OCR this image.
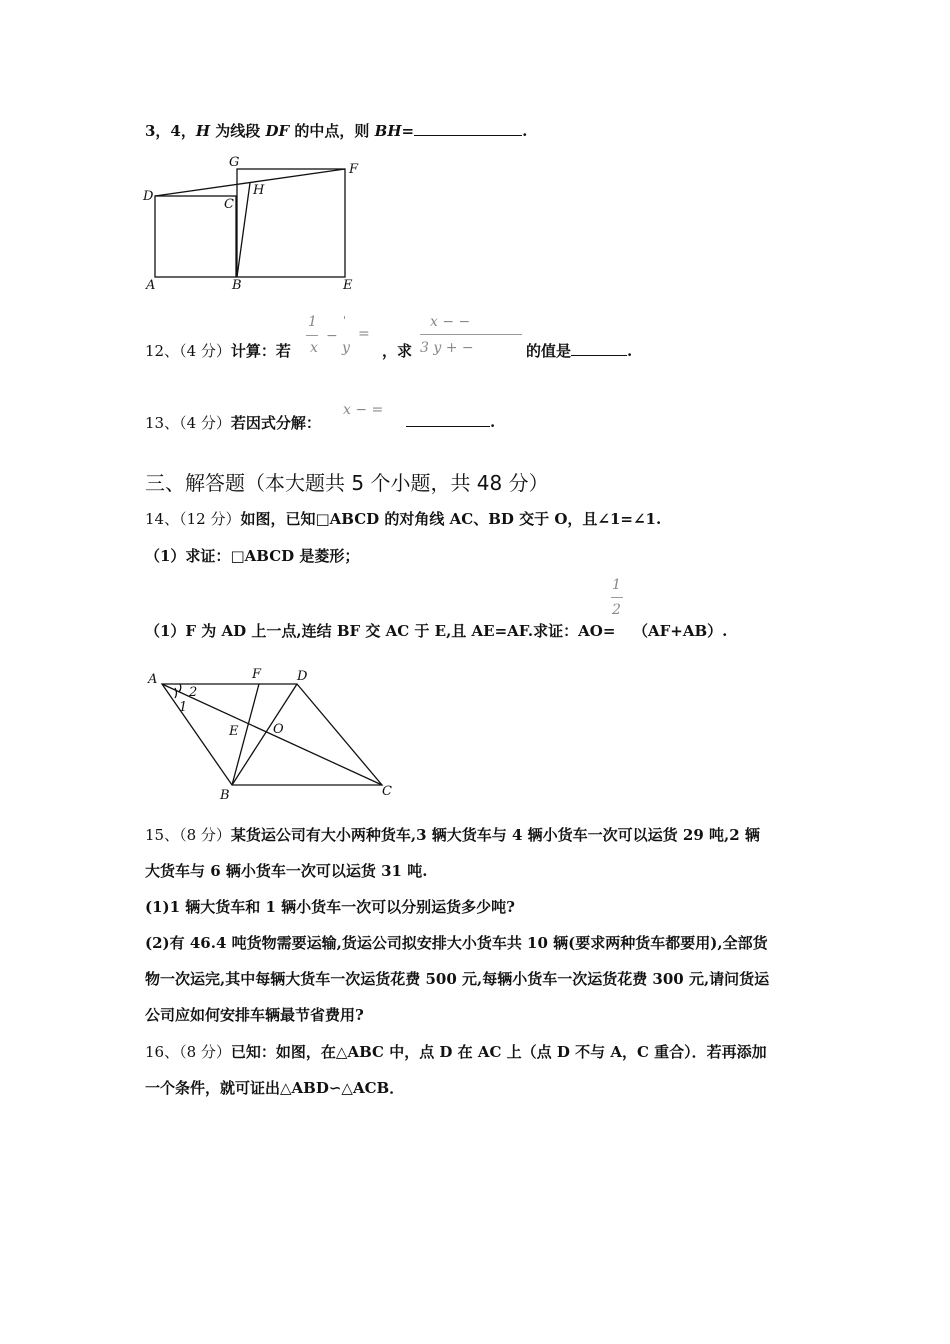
3，4，H 为线段 DF 的中点，则 BH=	.
G	F
D
C
H
A	B	E
12、（4 分）计算：若
1
x
−
'
y
=
，求
x − −
3 y + −	的值是	.
13、（4 分）若因式分解：
x − =
.
三、解答题（本大题共 5 个小题，共 48 分）
14、（12 分）如图，已知□ABCD 的对角线 AC、BD 交于 O，且∠1=∠1.
（1）求证：□ABCD 是菱形；
1
2
（1）F 为 AD 上一点,连结 BF 交 AC 于 E,且 AE=AF.求证：AO= （AF+AB）.
A	F	D
2
1
E	O
B	C
15、（8 分）某货运公司有大小两种货车,3 辆大货车与 4 辆小货车一次可以运货 29 吨,2 辆
大货车与 6 辆小货车一次可以运货 31 吨.
(1)1 辆大货车和 1 辆小货车一次可以分别运货多少吨?
(2)有 46.4 吨货物需要运输,货运公司拟安排大小货车共 10 辆(要求两种货车都要用),全部货
物一次运完,其中每辆大货车一次运货花费 500 元,每辆小货车一次运货花费 300 元,请问货运
公司应如何安排车辆最节省费用?
16、（8 分）已知：如图，在△ABC 中，点 D 在 AC 上（点 D 不与 A，C 重合）．若再添加
一个条件，就可证出△ABD∽△ACB．
